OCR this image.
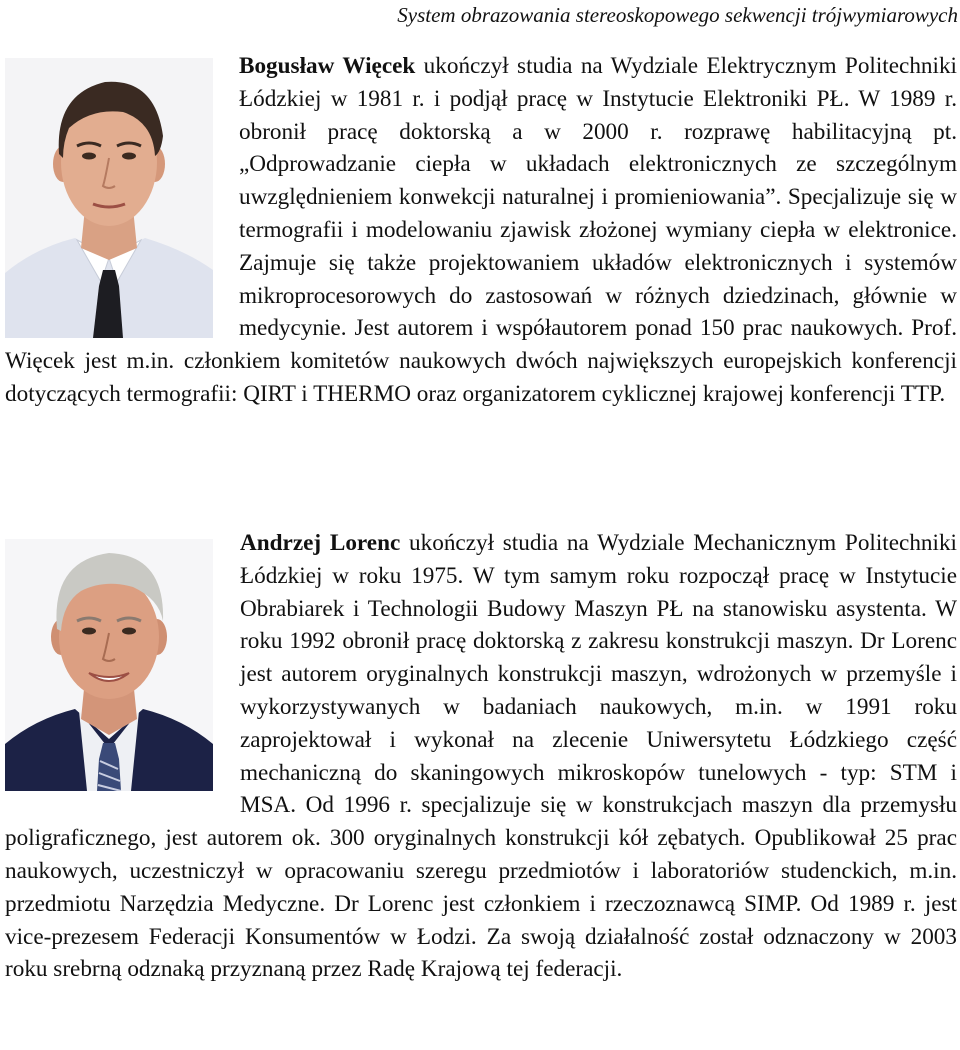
System obrazowania stereoskopowego sekwencji trójwymiarowych

Bogusław Więcek ukończył studia na Wydziale Elektrycznym Politechniki Łódzkiej w 1981 r. i podjął pracę w Instytucie Elektroniki PŁ. W 1989 r. obronił pracę doktorską a w 2000 r. rozprawę habilitacyjną pt. „Odprowadzanie ciepła w układach elektronicznych ze szczególnym uwzględnieniem konwekcji naturalnej i promieniowania”. Specjalizuje się w termografii i modelowaniu zjawisk złożonej wymiany ciepła w elektronice. Zajmuje się także projektowaniem układów elektronicznych i systemów mikroprocesorowych do zastosowań w różnych dziedzinach, głównie w medycynie. Jest autorem i współautorem ponad 150 prac naukowych. Prof. Więcek jest m.in. członkiem komitetów naukowych dwóch największych europejskich konferencji dotyczących termografii: QIRT i THERMO oraz organizatorem cyklicznej krajowej konferencji TTP.

Andrzej Lorenc ukończył studia na Wydziale Mechanicznym Politechniki Łódzkiej w roku 1975. W tym samym roku rozpoczął pracę w Instytucie Obrabiarek i Technologii Budowy Maszyn PŁ na stanowisku asystenta. W roku 1992 obronił pracę doktorską z zakresu konstrukcji maszyn. Dr Lorenc jest autorem oryginalnych konstrukcji maszyn, wdrożonych w przemyśle i wykorzystywanych w badaniach naukowych, m.in. w 1991 roku zaprojektował i wykonał na zlecenie Uniwersytetu Łódzkiego część mechaniczną do skaningowych mikroskopów tunelowych - typ: STM i MSA. Od 1996 r. specjalizuje się w konstrukcjach maszyn dla przemysłu poligraficznego, jest autorem ok. 300 oryginalnych konstrukcji kół zębatych. Opublikował 25 prac naukowych, uczestniczył w opracowaniu szeregu przedmiotów i laboratoriów studenckich, m.in. przedmiotu Narzędzia Medyczne. Dr Lorenc jest członkiem i rzeczoznawcą SIMP. Od 1989 r. jest vice-prezesem Federacji Konsumentów w Łodzi. Za swoją działalność został odznaczony w 2003 roku srebrną odznaką przyznaną przez Radę Krajową tej federacji.
